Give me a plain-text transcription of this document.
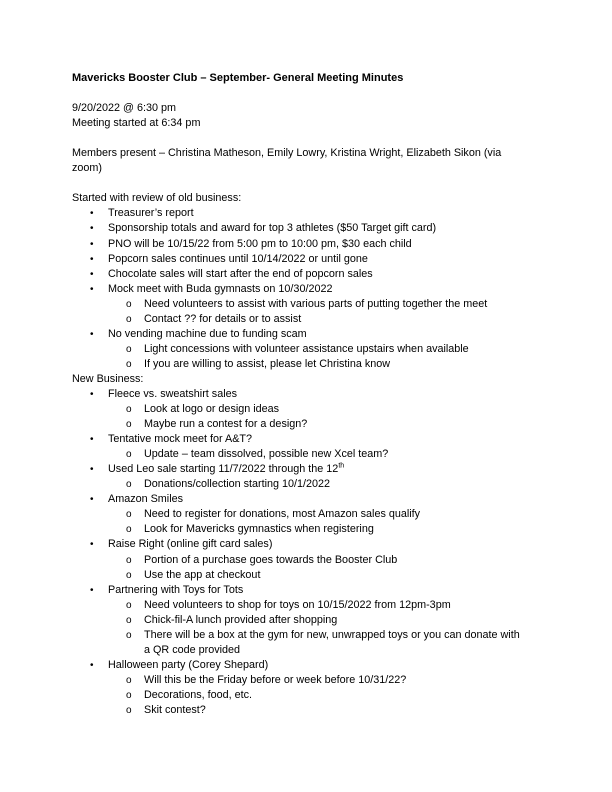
Mavericks Booster Club – September- General Meeting Minutes
9/20/2022 @ 6:30 pm
Meeting started at 6:34 pm
Members present – Christina Matheson, Emily Lowry, Kristina Wright, Elizabeth Sikon (via
zoom)
Started with review of old business:
• Treasurer’s report
• Sponsorship totals and award for top 3 athletes ($50 Target gift card)
• PNO will be 10/15/22 from 5:00 pm to 10:00 pm, $30 each child
• Popcorn sales continues until 10/14/2022 or until gone
• Chocolate sales will start after the end of popcorn sales
• Mock meet with Buda gymnasts on 10/30/2022
o Need volunteers to assist with various parts of putting together the meet
o Contact ?? for details or to assist
• No vending machine due to funding scam
o Light concessions with volunteer assistance upstairs when available
o If you are willing to assist, please let Christina know
New Business:
• Fleece vs. sweatshirt sales
o Look at logo or design ideas
o Maybe run a contest for a design?
• Tentative mock meet for A&T?
o Update – team dissolved, possible new Xcel team?
• Used Leo sale starting 11/7/2022 through the 12th
o Donations/collection starting 10/1/2022
• Amazon Smiles
o Need to register for donations, most Amazon sales qualify
o Look for Mavericks gymnastics when registering
• Raise Right (online gift card sales)
o Portion of a purchase goes towards the Booster Club
o Use the app at checkout
• Partnering with Toys for Tots
o Need volunteers to shop for toys on 10/15/2022 from 12pm-3pm
o Chick-fil-A lunch provided after shopping
o There will be a box at the gym for new, unwrapped toys or you can donate with
a QR code provided
• Halloween party (Corey Shepard)
o Will this be the Friday before or week before 10/31/22?
o Decorations, food, etc.
o Skit contest?
